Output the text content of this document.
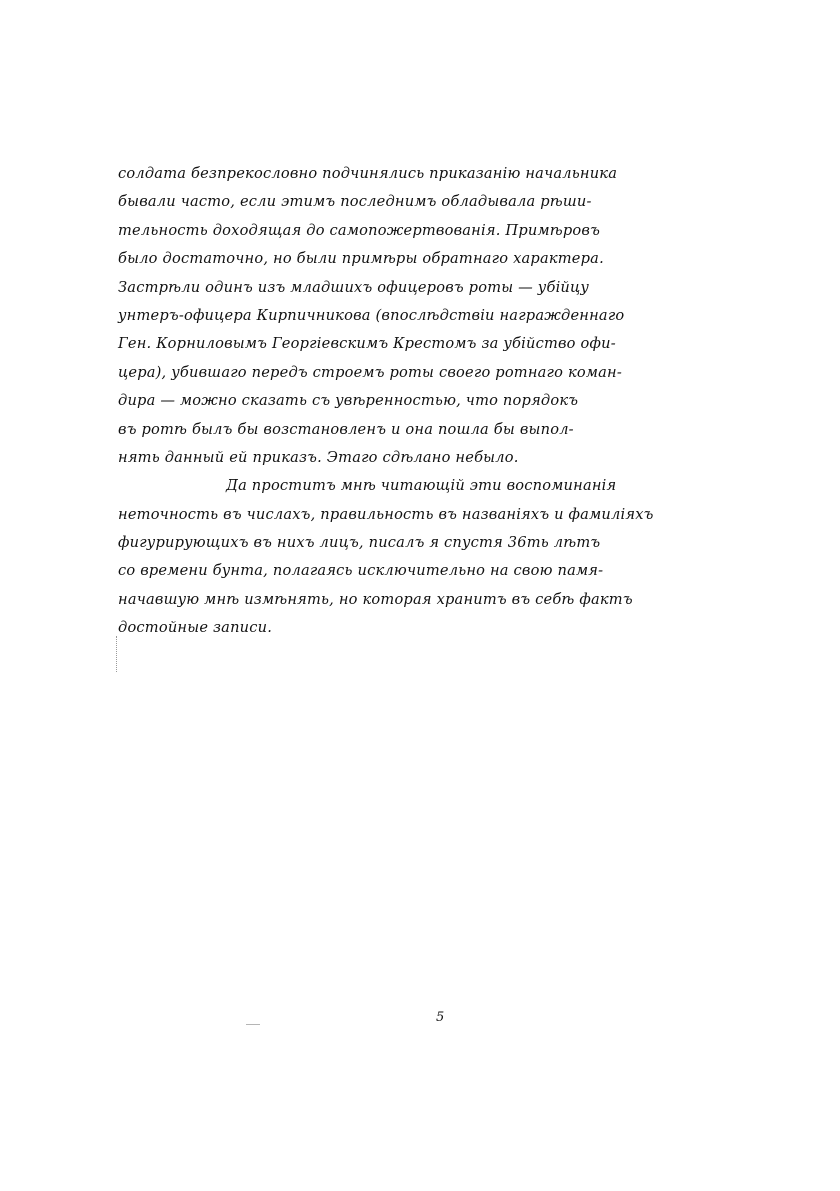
солдата безпрекословно подчинялись приказанію начальника
бывали часто, если этимъ последнимъ обладывала рѣши-
тельность доходящая до самопожертвованія. Примѣровъ
было достаточно, но были примѣры обратнаго характера.
Застрѣли одинъ изъ младшихъ офицеровъ роты — убійцу
унтеръ-офицера Кирпичникова (впослѣдствіи награжденнаго
Ген. Корниловымъ Георгіевскимъ Крестомъ за убійство офи-
цера), убившаго передъ строемъ роты своего ротнаго коман-
дира — можно сказать съ увѣренностью, что порядокъ
въ ротѣ былъ бы возстановленъ и она пошла бы выпол-
нять данный ей приказъ. Этаго сдѣлано небыло.
Да проститъ мнѣ читающій эти воспоминанія
неточность въ числахъ, правильность въ названіяхъ и фамиліяхъ
фигурирующихъ въ нихъ лицъ, писалъ я спустя 36ть лѣтъ
со времени бунта, полагаясь исключительно на свою памя-
начавшую мнѣ измѣнять, но которая хранитъ въ себѣ фактъ
достойные записи.
5
